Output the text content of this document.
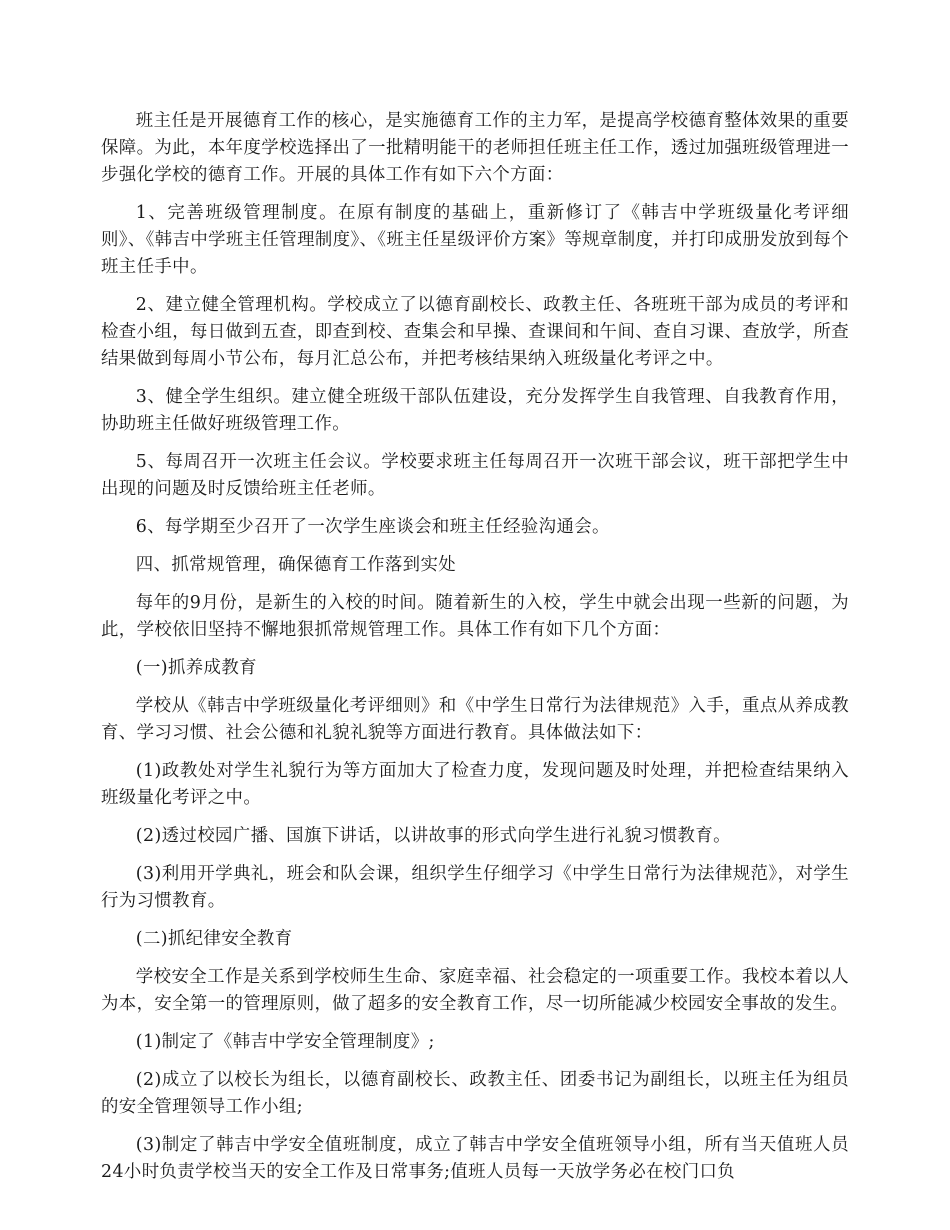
班主任是开展德育工作的核心，是实施德育工作的主力军，是提高学校德育整体效果的重要保障。为此，本年度学校选择出了一批精明能干的老师担任班主任工作，透过加强班级管理进一步强化学校的德育工作。开展的具体工作有如下六个方面：

1、完善班级管理制度。在原有制度的基础上，重新修订了《韩吉中学班级量化考评细则》、《韩吉中学班主任管理制度》、《班主任星级评价方案》等规章制度，并打印成册发放到每个班主任手中。

2、建立健全管理机构。学校成立了以德育副校长、政教主任、各班班干部为成员的考评和检查小组，每日做到五查，即查到校、查集会和早操、查课间和午间、查自习课、查放学，所查结果做到每周小节公布，每月汇总公布，并把考核结果纳入班级量化考评之中。

3、健全学生组织。建立健全班级干部队伍建设，充分发挥学生自我管理、自我教育作用，协助班主任做好班级管理工作。

5、每周召开一次班主任会议。学校要求班主任每周召开一次班干部会议，班干部把学生中出现的问题及时反馈给班主任老师。

6、每学期至少召开了一次学生座谈会和班主任经验沟通会。

四、抓常规管理，确保德育工作落到实处

每年的9月份，是新生的入校的时间。随着新生的入校，学生中就会出现一些新的问题，为此，学校依旧坚持不懈地狠抓常规管理工作。具体工作有如下几个方面：

(一)抓养成教育

学校从《韩吉中学班级量化考评细则》和《中学生日常行为法律规范》入手，重点从养成教育、学习习惯、社会公德和礼貌礼貌等方面进行教育。具体做法如下：

(1)政教处对学生礼貌行为等方面加大了检查力度，发现问题及时处理，并把检查结果纳入班级量化考评之中。

(2)透过校园广播、国旗下讲话，以讲故事的形式向学生进行礼貌习惯教育。

(3)利用开学典礼，班会和队会课，组织学生仔细学习《中学生日常行为法律规范》，对学生行为习惯教育。

(二)抓纪律安全教育

学校安全工作是关系到学校师生生命、家庭幸福、社会稳定的一项重要工作。我校本着以人为本，安全第一的管理原则，做了超多的安全教育工作，尽一切所能减少校园安全事故的发生。

(1)制定了《韩吉中学安全管理制度》;

(2)成立了以校长为组长，以德育副校长、政教主任、团委书记为副组长，以班主任为组员的安全管理领导工作小组;

(3)制定了韩吉中学安全值班制度，成立了韩吉中学安全值班领导小组，所有当天值班人员24小时负责学校当天的安全工作及日常事务;值班人员每一天放学务必在校门口负
